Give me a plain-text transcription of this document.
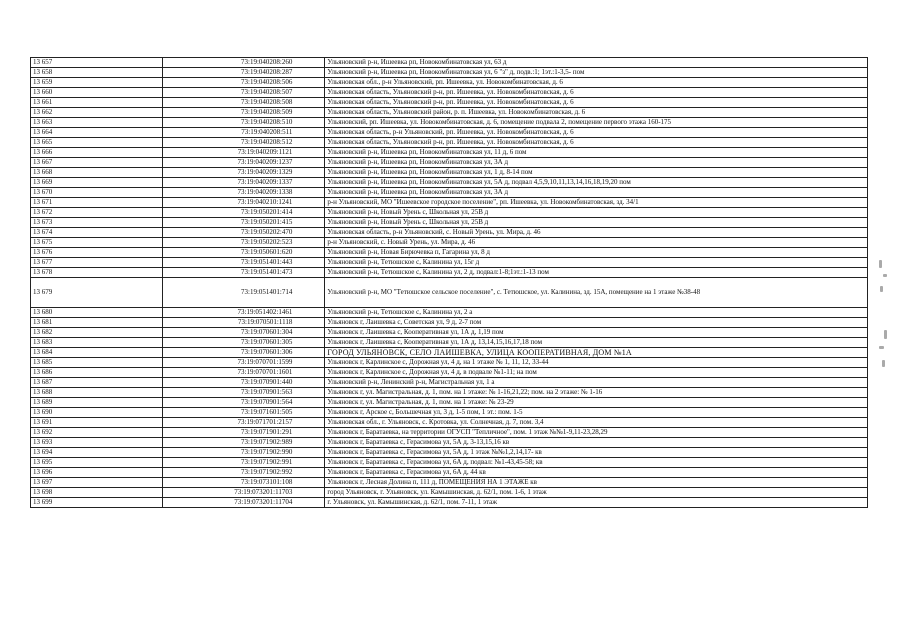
13 657	73:19:040208:260	Ульяновский р-н, Ишеевка рп, Новокомбинатовская ул, 63 д
13 658	73:19:040208:287	Ульяновский р-н, Ишеевка рп, Новокомбинатовская ул, 6 "з" д, подв.:1; 1эт.:1-3,5- пом
13 659	73:19:040208:506	Ульяновская обл., р-н Ульяновский, рп. Ишеевка, ул. Новокомбинатовская, д. 6
13 660	73:19:040208:507	Ульяновская область, Ульяновский р-н, рп. Ишеевка, ул. Новокомбинатовская, д. 6
13 661	73:19:040208:508	Ульяновская область, Ульяновский р-н, рп. Ишеевка, ул. Новокомбинатовская, д. 6
13 662	73:19:040208:509	Ульяновская область, Ульяновский район, р. п. Ишеевка, ул. Новокомбинатовская, д. 6
13 663	73:19:040208:510	Ульяновский, рп. Ишеевка, ул. Новокомбинатовская, д. 6, помещение подвала 2, помещение первого этажа 160-175
13 664	73:19:040208:511	Ульяновская область, р-н Ульяновский, рп. Ишеевка, ул. Новокомбинатовская, д. 6
13 665	73:19:040208:512	Ульяновская область, Ульяновский р-н, рп. Ишеевка, ул. Новокомбинатовская, д. 6
13 666	73:19:040209:1121	Ульяновский р-н, Ишеевка рп, Новокомбинатовская ул, 11 д, 6 пом
13 667	73:19:040209:1237	Ульяновский р-н, Ишеевка рп, Новокомбинатовская ул, 3А д
13 668	73:19:040209:1329	Ульяновский р-н, Ишеевка рп, Новокомбинатовская ул, 1 д, 8-14 пом
13 669	73:19:040209:1337	Ульяновский р-н, Ишеевка рп, Новокомбинатовская ул, 5А д, подвал 4,5,9,10,11,13,14,16,18,19,20 пом
13 670	73:19:040209:1338	Ульяновский р-н, Ишеевка рп, Новокомбинатовская ул, 3А д
13 671	73:19:040210:1241	р-н Ульяновский, МО "Ишеевское городское поселение", рп. Ишеевка, ул. Новокомбинатовская, зд. 34/1
13 672	73:19:050201:414	Ульяновский р-н, Новый Урень с, Школьная ул, 25В д
13 673	73:19:050201:415	Ульяновский р-н, Новый Урень с, Школьная ул, 25В д
13 674	73:19:050202:470	Ульяновская область, р-н Ульяновский, с. Новый Урень, ул. Мира, д. 46
13 675	73:19:050202:523	р-н Ульяновский, с. Новый Урень, ул. Мира, д. 46
13 676	73:19:050601:620	Ульяновский р-н, Новая Бирючевка п, Гагарина ул, 8 д
13 677	73:19:051401:443	Ульяновский р-н, Тетюшское с, Калинина ул, 15г д
13 678	73:19:051401:473	Ульяновский р-н, Тетюшское с, Калинина ул, 2 д, подвал:1-8;1эт.:1-13 пом
13 679	73:19:051401:714	Ульяновский р-н, МО "Тетюшское сельское поселение", с. Тетюшское, ул. Калинина, зд. 15А, помещение на 1 этаже №38-48
13 680	73:19:051402:1461	Ульяновский р-н, Тетюшское с, Калинина ул, 2 а
13 681	73:19:070501:1118	Ульяновск г, Лаишевка с, Советская ул, 9 д, 2-7 пом
13 682	73:19:070601:304	Ульяновск г, Лаишевка с, Кооперативная ул, 1А д, 1,19 пом
13 683	73:19:070601:305	Ульяновск г, Лаишевка с, Кооперативная ул, 1А д, 13,14,15,16,17,18 пом
13 684	73:19:070601:306	ГОРОД УЛЬЯНОВСК, СЕЛО ЛАИШЕВКА, УЛИЦА КООПЕРАТИВНАЯ, ДОМ №1А
13 685	73:19:070701:1599	Ульяновск г, Карлинское с, Дорожная ул, 4 д, на 1 этаже № 1, 11, 12, 33-44
13 686	73:19:070701:1601	Ульяновск г, Карлинское с, Дорожная ул, 4 д, в подвале №1-11; на пом
13 687	73:19:070901:440	Ульяновский р-н, Ленинский р-н, Магистральная ул, 1 а
13 688	73:19:070901:563	Ульяновск г, ул. Магистральная, д. 1, пом. на 1 этаже: № 1-16,21,22; пом. на 2 этаже: № 1-16
13 689	73:19:070901:564	Ульяновск г, ул. Магистральная, д. 1, пом. на 1 этаже: № 23-29
13 690	73:19:071601:505	Ульяновск г, Арское с, Большечная ул, 3 д, 1-5 пом, 1 эт.: пом. 1-5
13 691	73:19:071701:2157	Ульяновская обл., г. Ульяновск, с. Кротовка, ул. Солнечная, д. 7, пом. 3,4
13 692	73:19:071901:291	Ульяновск г, Баратаевка, на территории ОГУСП "Тепличное", пом. 1 этаж №№1-9,11-23,28,29
13 693	73:19:071902:989	Ульяновск г, Баратаевка с, Герасимова ул, 5А д, 3-13,15,16 кв
13 694	73:19:071902:990	Ульяновск г, Баратаевка с, Герасимова ул, 5А д, 1 этаж №№1,2,14,17- кв
13 695	73:19:071902:991	Ульяновск г, Баратаевка с, Герасимова ул, 6А д, подвал: №1-43,45-58; кв
13 696	73:19:071902:992	Ульяновск г, Баратаевка с, Герасимова ул, 6А д, 44 кв
13 697	73:19:073101:108	Ульяновск г, Лесная Долина п, 111 д, ПОМЕЩЕНИЯ НА 1 ЭТАЖЕ кв
13 698	73:19:073201:11703	город Ульяновск, г. Ульяновск, ул. Камышинская, д. 62/1, пом. 1-6, 1 этаж
13 699	73:19:073201:11704	г. Ульяновск, ул. Камышинская, д. 62/1, пом. 7-11, 1 этаж
